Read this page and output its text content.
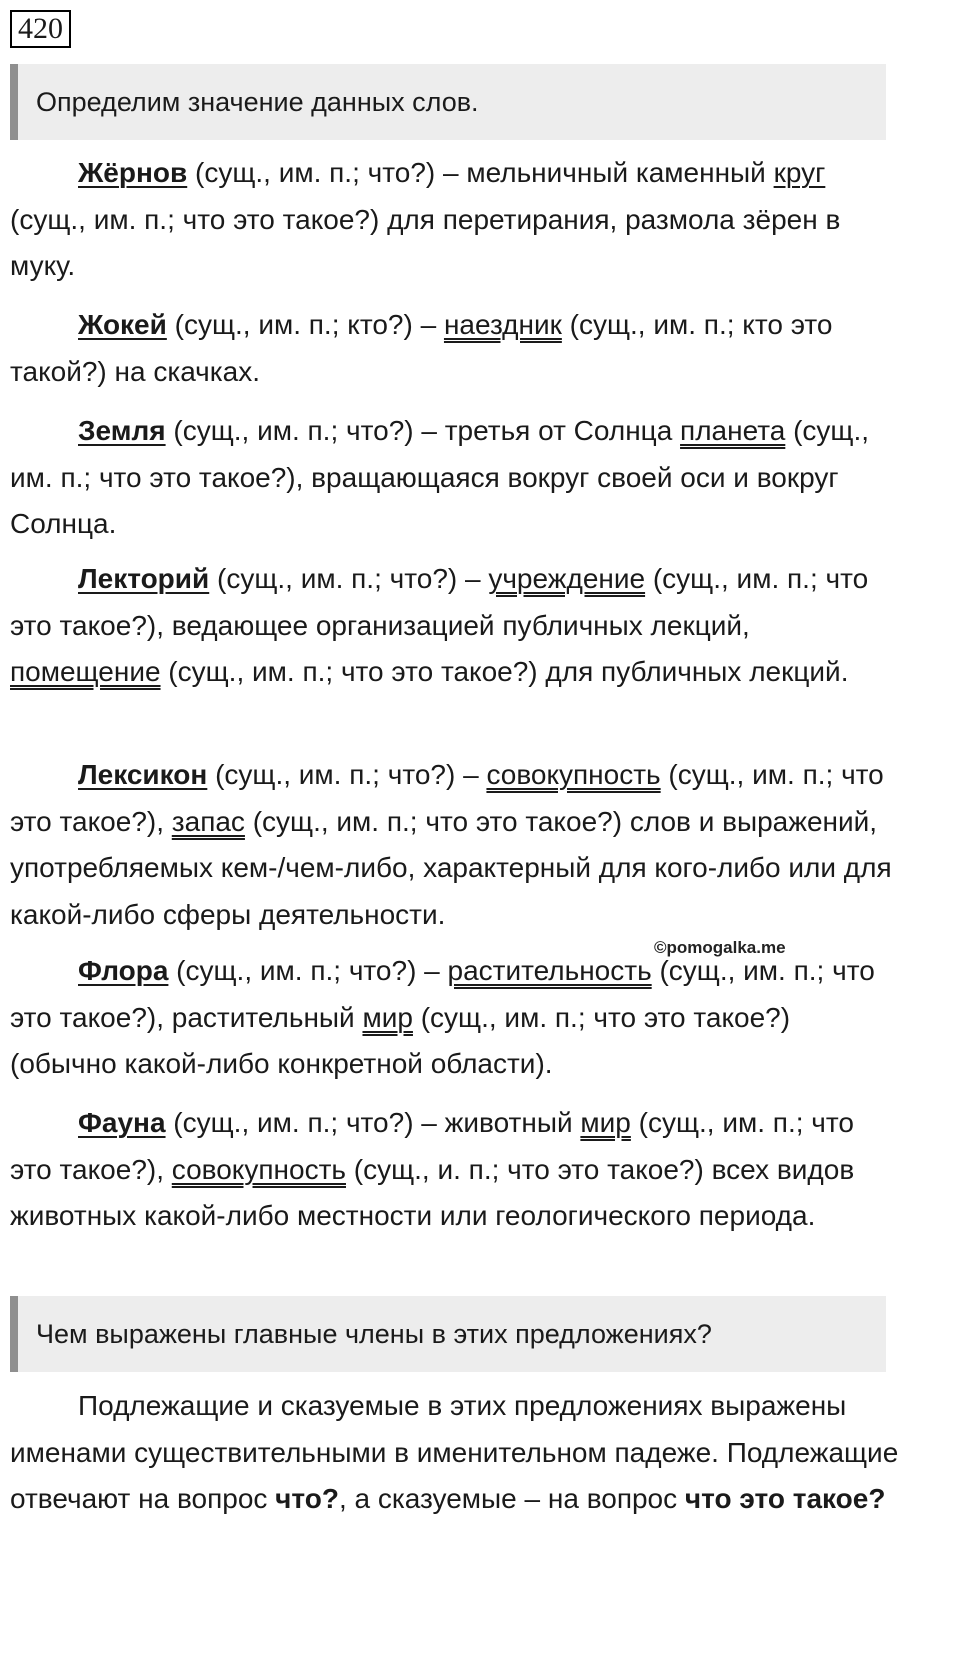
420
Определим значение данных слов.

Жёрнов (сущ., им. п.; что?) – мельничный каменный круг (сущ., им. п.; что это такое?) для перетирания, размола зёрен в муку.

Жокей (сущ., им. п.; кто?) – наездник (сущ., им. п.; кто это такой?) на скачках.

Земля (сущ., им. п.; что?) – третья от Солнца планета (сущ., им. п.; что это такое?), вращающаяся вокруг своей оси и вокруг Солнца.

Лекторий (сущ., им. п.; что?) – учреждение (сущ., им. п.; что это такое?), ведающее организацией публичных лекций, помещение (сущ., им. п.; что это такое?) для публичных лекций.

Лексикон (сущ., им. п.; что?) – совокупность (сущ., им. п.; что это такое?), запас (сущ., им. п.; что это такое?) слов и выражений, употребляемых кем-/чем-либо, характерный для кого-либо или для какой-либо сферы деятельности.

©pomogalka.me

Флора (сущ., им. п.; что?) – растительность (сущ., им. п.; что это такое?), растительный мир (сущ., им. п.; что это такое?) (обычно какой-либо конкретной области).

Фауна (сущ., им. п.; что?) – животный мир (сущ., им. п.; что это такое?), совокупность (сущ., и. п.; что это такое?) всех видов животных какой-либо местности или геологического периода.

Чем выражены главные члены в этих предложениях?

Подлежащие и сказуемые в этих предложениях выражены именами существительными в именительном падеже. Подлежащие отвечают на вопрос что?, а сказуемые – на вопрос что это такое?
